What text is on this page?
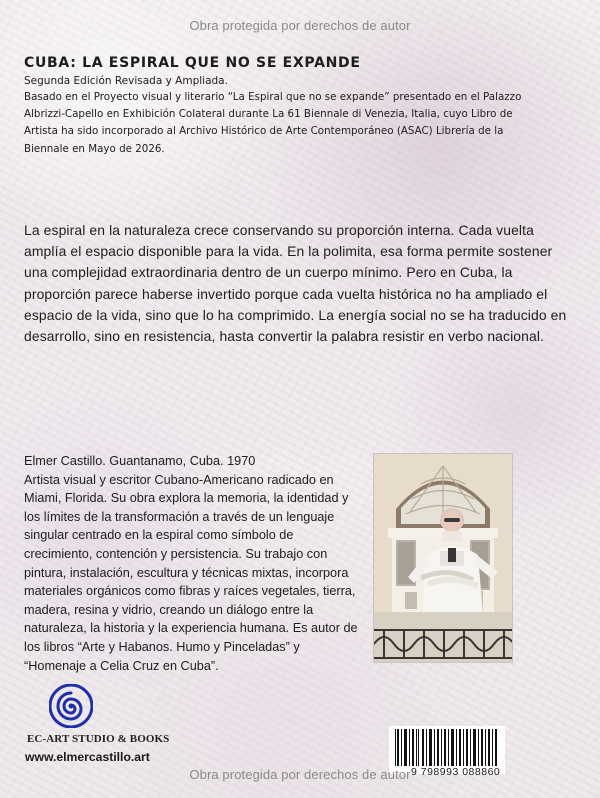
Obra protegida por derechos de autor
CUBA: LA ESPIRAL QUE NO SE EXPANDE
Segunda Edición Revisada y Ampliada.
Basado en el Proyecto visual y literario “La Espiral que no se expande” presentado en el Palazzo Albrizzi-Capello en Exhibición Colateral durante La 61 Biennale di Venezia, Italia, cuyo Libro de Artista ha sido incorporado al Archivo Histórico de Arte Contemporáneo (ASAC) Librería de la Biennale en Mayo de 2026.
La espiral en la naturaleza crece conservando su proporción interna. Cada vuelta amplía el espacio disponible para la vida. En la polimita, esa forma permite sostener una complejidad extraordinaria dentro de un cuerpo mínimo. Pero en Cuba, la proporción parece haberse invertido porque cada vuelta histórica no ha ampliado el espacio de la vida, sino que lo ha comprimido. La energía social no se ha traducido en desarrollo, sino en resistencia, hasta convertir la palabra resistir en verbo nacional.
Elmer Castillo. Guantanamo, Cuba. 1970
Artista visual y escritor Cubano-Americano radicado en Miami, Florida. Su obra explora la memoria, la identidad y los límites de la transformación a través de un lenguaje singular centrado en la espiral como símbolo de crecimiento, contención y persistencia. Su trabajo con pintura, instalación, escultura y técnicas mixtas, incorpora materiales orgánicos como fibras y raíces vegetales, tierra, madera, resina y vidrio, creando un diálogo entre la naturaleza, la historia y la experiencia humana. Es autor de los libros “Arte y Habanos. Humo y Pinceladas” y “Homenaje a Celia Cruz en Cuba”.
EC-ART STUDIO & BOOKS
www.elmercastillo.art
9 798993 088860
Obra protegida por derechos de autor
